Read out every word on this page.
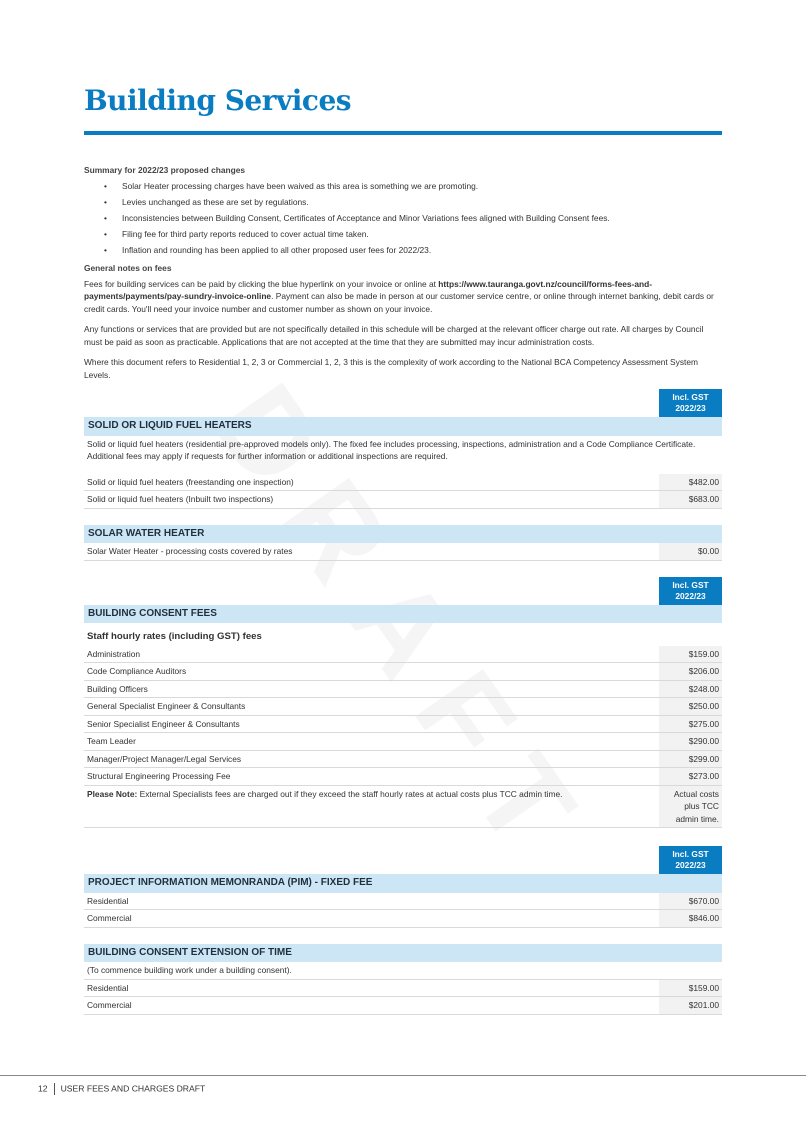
Building Services

Summary for 2022/23 proposed changes

• Solar Heater processing charges have been waived as this area is something we are promoting.
• Levies unchanged as these are set by regulations.
• Inconsistencies between Building Consent, Certificates of Acceptance and Minor Variations fees aligned with Building Consent fees.
• Filing fee for third party reports reduced to cover actual time taken.
• Inflation and rounding has been applied to all other proposed user fees for 2022/23.

General notes on fees

Fees for building services can be paid by clicking the blue hyperlink on your invoice or online at https://www.tauranga.govt.nz/council/forms-fees-and-payments/payments/pay-sundry-invoice-online. Payment can also be made in person at our customer service centre, or online through internet banking, debit cards or credit cards. You'll need your invoice number and customer number as shown on your invoice.

Any functions or services that are provided but are not specifically detailed in this schedule will be charged at the relevant officer charge out rate. All charges by Council must be paid as soon as practicable. Applications that are not accepted at the time that they are submitted may incur administration costs.

Where this document refers to Residential 1, 2, 3 or Commercial 1, 2, 3 this is the complexity of work according to the National BCA Competency Assessment System Levels.

	Incl. GST 2022/23
SOLID OR LIQUID FUEL HEATERS	
Solid or liquid fuel heaters (residential pre-approved models only). The fixed fee includes processing, inspections, administration and a Code Compliance Certificate. Additional fees may apply if requests for further information or additional inspections are required.	
Solid or liquid fuel heaters (freestanding one inspection)	$482.00
Solid or liquid fuel heaters (Inbuilt two inspections)	$683.00

SOLAR WATER HEATER	
Solar Water Heater - processing costs covered by rates	$0.00

	Incl. GST 2022/23
BUILDING CONSENT FEES	
Staff hourly rates (including GST) fees	
Administration	$159.00
Code Compliance Auditors	$206.00
Building Officers	$248.00
General Specialist Engineer & Consultants	$250.00
Senior Specialist Engineer & Consultants	$275.00
Team Leader	$290.00
Manager/Project Manager/Legal Services	$299.00
Structural Engineering Processing Fee	$273.00
Please Note: External Specialists fees are charged out if they exceed the staff hourly rates at actual costs plus TCC admin time.	Actual costs plus TCC admin time.

	Incl. GST 2022/23
PROJECT INFORMATION MEMONRANDA (PIM) - FIXED FEE	
Residential	$670.00
Commercial	$846.00

BUILDING CONSENT EXTENSION OF TIME	
(To commence building work under a building consent).	
Residential	$159.00
Commercial	$201.00
12 USER FEES AND CHARGES DRAFT
